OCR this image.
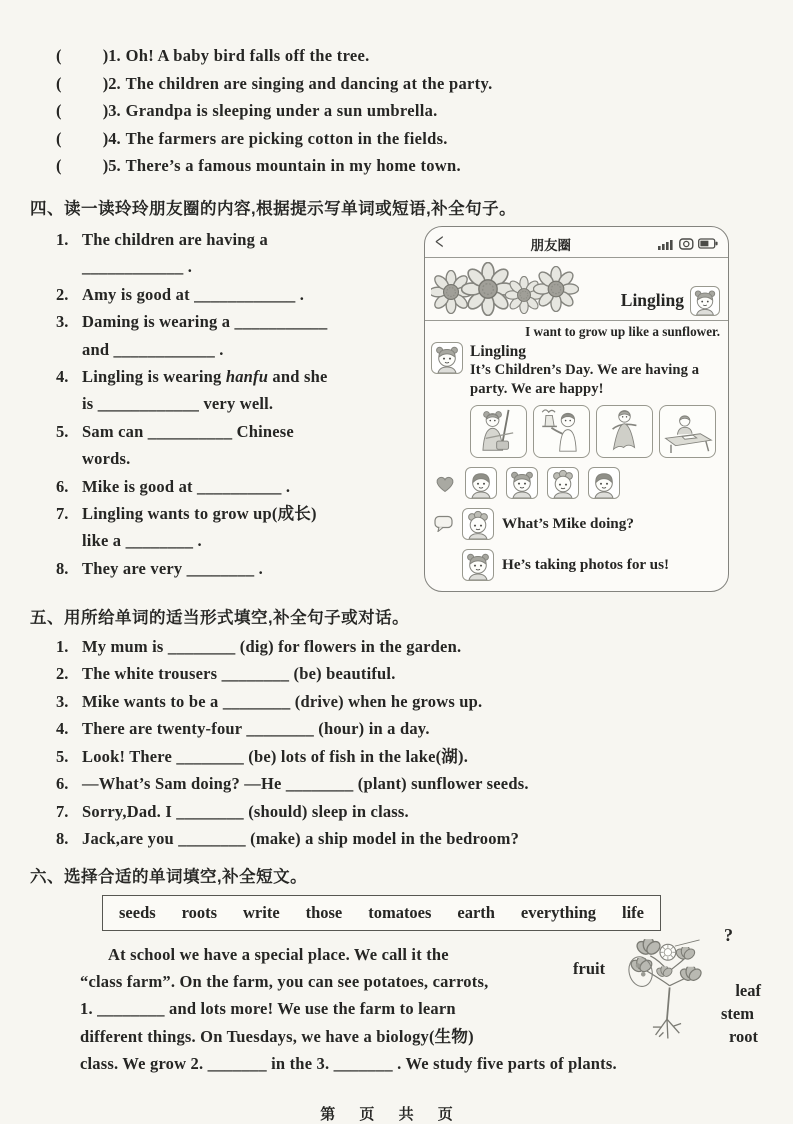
(     ) 1. Oh! A baby bird falls off the tree.
(     ) 2. The children are singing and dancing at the party.
(     ) 3. Grandpa is sleeping under a sun umbrella.
(     ) 4. The farmers are picking cotton in the fields.
(     ) 5. There’s a famous mountain in my home town.
四、读一读玲玲朋友圈的内容,根据提示写单词或短语,补全句子。
1. The children are having a
____________ .
2. Amy is good at ____________ .
3. Daming is wearing a ___________
and ____________ .
4. Lingling is wearing hanfu and she
is ____________ very well.
5. Sam can __________ Chinese
words.
6. Mike is good at __________ .
7. Lingling wants to grow up(成长)
like a ________ .
8. They are very ________ .
<	朋友圈
Lingling
I want to grow up like a sunflower.
Lingling
It’s Children’s Day. We are having a party. We are happy!
What’s Mike doing?
He’s taking photos for us!
五、用所给单词的适当形式填空,补全句子或对话。
1. My mum is ________ (dig) for flowers in the garden.
2. The white trousers ________ (be) beautiful.
3. Mike wants to be a ________ (drive) when he grows up.
4. There are twenty-four ________ (hour) in a day.
5. Look! There ________ (be) lots of fish in the lake(湖).
6. —What’s Sam doing? —He ________ (plant) sunflower seeds.
7. Sorry,Dad. I ________ (should) sleep in class.
8. Jack,are you ________ (make) a ship model in the bedroom?
六、选择合适的单词填空,补全短文。
seeds roots write those tomatoes earth everything life
fruit
?
leaf
stem
root
At school we have a special place. We call it the
“class farm”. On the farm, you can see potatoes, carrots,
1. ________ and lots more! We use the farm to learn
different things. On Tuesdays, we have a biology(生物)
class. We grow 2. _______ in the 3. _______ . We study five parts of plants.
第 页 共 页
